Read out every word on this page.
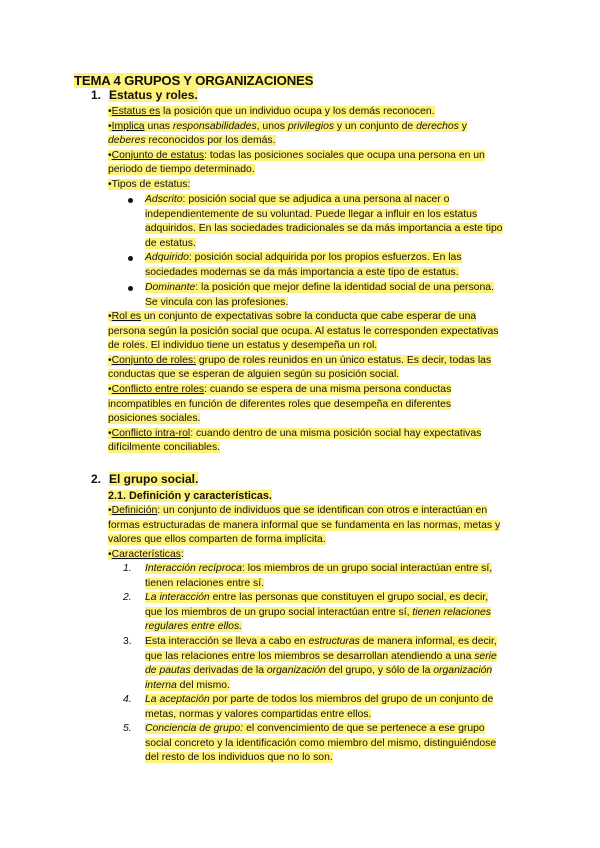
TEMA 4 GRUPOS Y ORGANIZACIONES
1. Estatus y roles.
•Estatus es la posición que un individuo ocupa y los demás reconocen.
•Implica unas responsabilidades, unos privilegios y un conjunto de derechos y
deberes reconocidos por los demás.
•Conjunto de estatus: todas las posiciones sociales que ocupa una persona en un
periodo de tiempo determinado.
•Tipos de estatus:
Adscrito: posición social que se adjudica a una persona al nacer o
independientemente de su voluntad. Puede llegar a influir en los estatus
adquiridos. En las sociedades tradicionales se da más importancia a este tipo
de estatus.
Adquirido: posición social adquirida por los propios esfuerzos. En las
sociedades modernas se da más importancia a este tipo de estatus.
Dominante: la posición que mejor define la identidad social de una persona.
Se vincula con las profesiones.
•Rol es un conjunto de expectativas sobre la conducta que cabe esperar de una
persona según la posición social que ocupa. Al estatus le corresponden expectativas
de roles. El individuo tiene un estatus y desempeña un rol.
•Conjunto de roles: grupo de roles reunidos en un único estatus. Es decir, todas las
conductas que se esperan de alguien según su posición social.
•Conflicto entre roles: cuando se espera de una misma persona conductas
incompatibles en función de diferentes roles que desempeña en diferentes
posiciones sociales.
•Conflicto intra-rol: cuando dentro de una misma posición social hay expectativas
difícilmente conciliables.
2. El grupo social.
2.1. Definición y características.
•Definición: un conjunto de individuos que se identifican con otros e interactúan en
formas estructuradas de manera informal que se fundamenta en las normas, metas y
valores que ellos comparten de forma implícita.
•Características:
1. Interacción recíproca: los miembros de un grupo social interactúan entre sí,
tienen relaciones entre sí.
2. La interacción entre las personas que constituyen el grupo social, es decir,
que los miembros de un grupo social interactúan entre sí, tienen relaciones
regulares entre ellos.
3. Esta interacción se lleva a cabo en estructuras de manera informal, es decir,
que las relaciones entre los miembros se desarrollan atendiendo a una serie
de pautas derivadas de la organización del grupo, y sólo de la organización
interna del mismo.
4. La aceptación por parte de todos los miembros del grupo de un conjunto de
metas, normas y valores compartidas entre ellos.
5. Conciencia de grupo: el convencimiento de que se pertenece a ese grupo
social concreto y la identificación como miembro del mismo, distinguiéndose
del resto de los individuos que no lo son.
